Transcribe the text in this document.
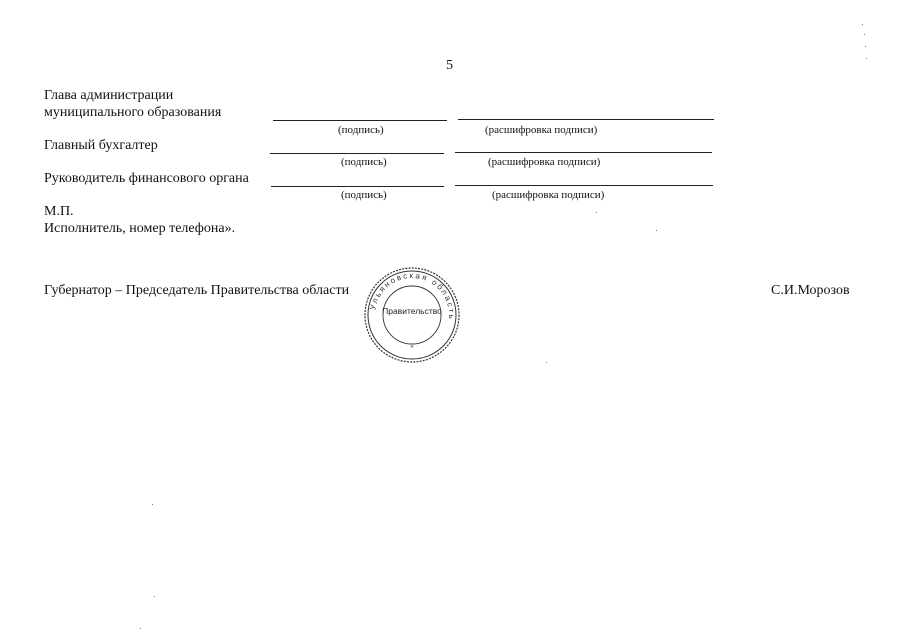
5
Глава администрации
муниципального образования
(подпись)	(расшифровка подписи)
Главный бухгалтер
(подпись)	(расшифровка подписи)
Руководитель финансового органа
(подпись)	(расшифровка подписи)
М.П.
Исполнитель, номер телефона».
Губернатор – Председатель Правительства области	С.И.Морозов
Ульяновская область
Правительство
*
